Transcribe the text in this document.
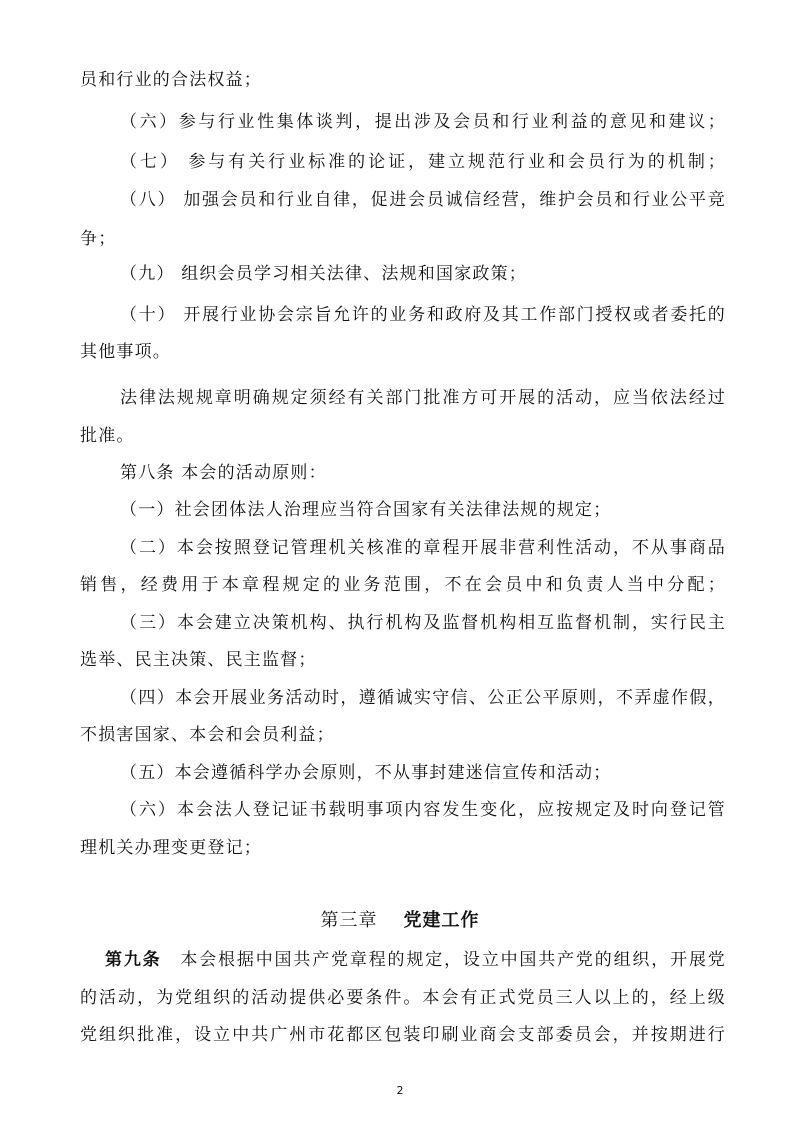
员和行业的合法权益；
（六）参与行业性集体谈判，提出涉及会员和行业利益的意见和建议；
（七） 参与有关行业标准的论证，建立规范行业和会员行为的机制；
（八） 加强会员和行业自律，促进会员诚信经营，维护会员和行业公平竞
争；
（九） 组织会员学习相关法律、法规和国家政策；
（十） 开展行业协会宗旨允许的业务和政府及其工作部门授权或者委托的
其他事项。
法律法规规章明确规定须经有关部门批准方可开展的活动，应当依法经过
批准。
第八条 本会的活动原则：
（一）社会团体法人治理应当符合国家有关法律法规的规定；
（二）本会按照登记管理机关核准的章程开展非营利性活动，不从事商品
销售，经费用于本章程规定的业务范围，不在会员中和负责人当中分配；
（三）本会建立决策机构、执行机构及监督机构相互监督机制，实行民主
选举、民主决策、民主监督；
（四）本会开展业务活动时，遵循诚实守信、公正公平原则，不弄虚作假，
不损害国家、本会和会员利益；
（五）本会遵循科学办会原则，不从事封建迷信宣传和活动；
（六）本会法人登记证书载明事项内容发生变化，应按规定及时向登记管
理机关办理变更登记；
第三章 党建工作
第九条  本会根据中国共产党章程的规定，设立中国共产党的组织，开展党
的活动，为党组织的活动提供必要条件。本会有正式党员三人以上的，经上级
党组织批准，设立中共广州市花都区包装印刷业商会支部委员会，并按期进行
2
